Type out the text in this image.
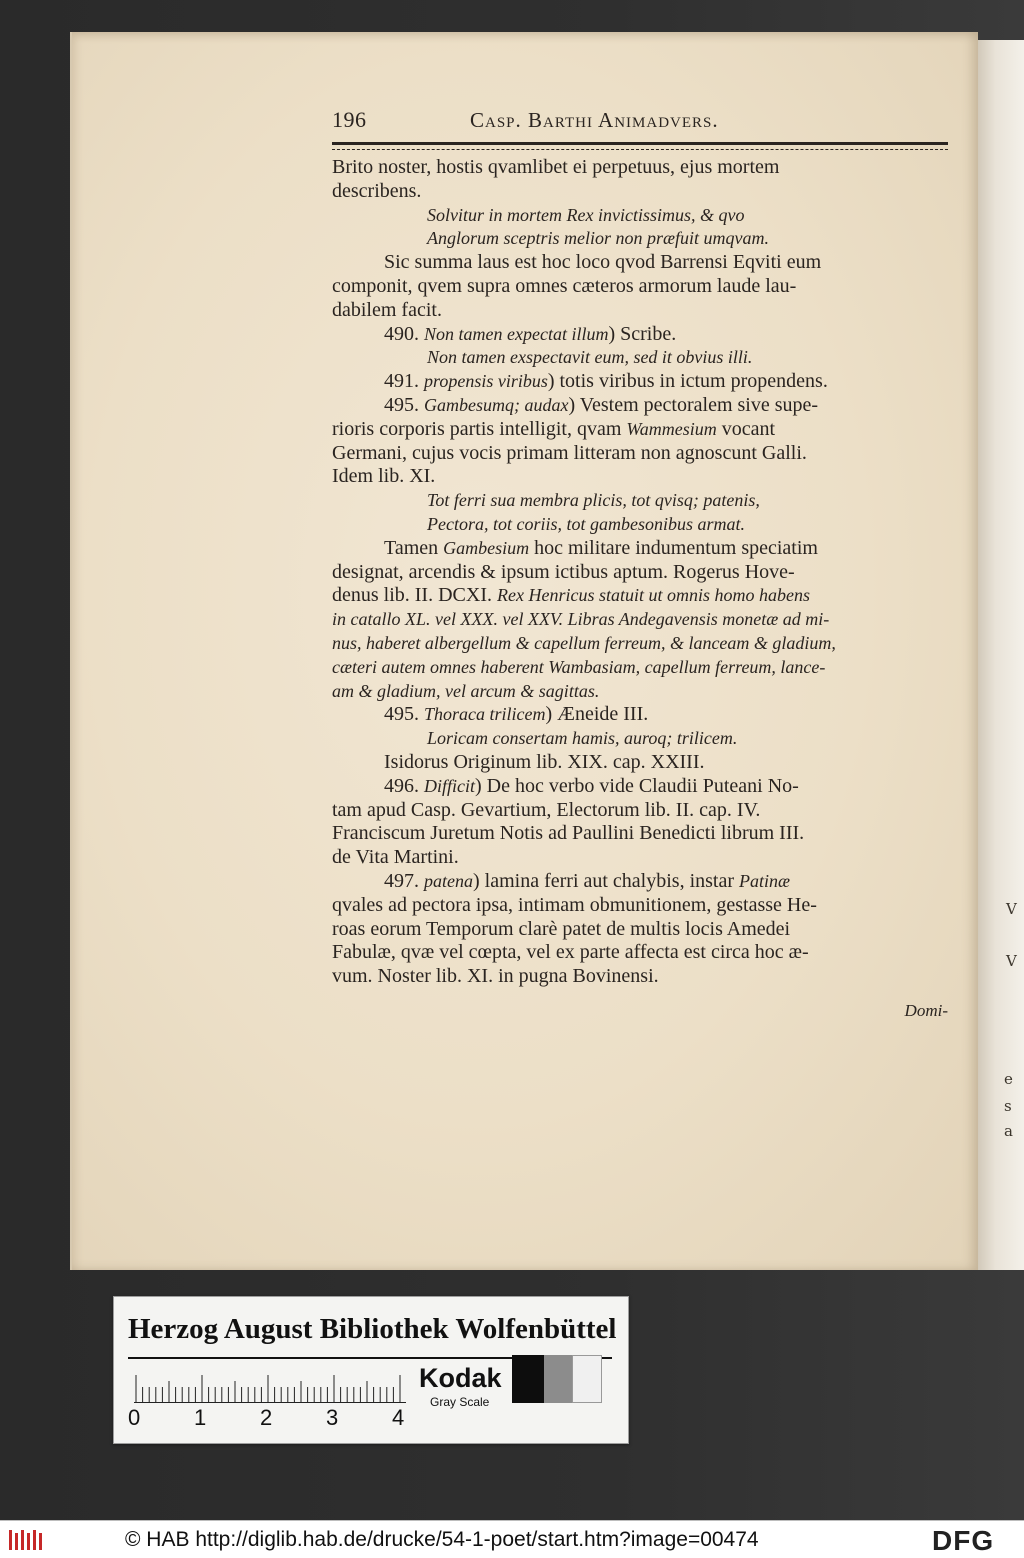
V
V
e
s
a
196	Casp. Barthi Animadvers.
Brito noster, hostis qvamlibet ei perpetuus, ejus mortem
describens.
Solvitur in mortem Rex invictissimus, & qvo
Anglorum sceptris melior non præfuit umqvam.
Sic summa laus est hoc loco qvod Barrensi Eqviti eum
componit, qvem supra omnes cæteros armorum laude lau-
dabilem facit.
490. Non tamen expectat illum) Scribe.
Non tamen exspectavit eum, sed it obvius illi.
491. propensis viribus) totis viribus in ictum propendens.
495. Gambesumq; audax) Vestem pectoralem sive supe-
rioris corporis partis intelligit, qvam Wammesium vocant
Germani, cujus vocis primam litteram non agnoscunt Galli.
Idem lib. XI.
Tot ferri sua membra plicis, tot qvisq; patenis,
Pectora, tot coriis, tot gambesonibus armat.
Tamen Gambesium hoc militare indumentum speciatim
designat, arcendis & ipsum ictibus aptum. Rogerus Hove-
denus lib. II. DCXI. Rex Henricus statuit ut omnis homo habens
in catallo XL. vel XXX. vel XXV. Libras Andegavensis monetæ ad mi-
nus, haberet albergellum & capellum ferreum, & lanceam & gladium,
cæteri autem omnes haberent Wambasiam, capellum ferreum, lance-
am & gladium, vel arcum & sagittas.
495. Thoraca trilicem) Æneide III.
Loricam consertam hamis, auroq; trilicem.
Isidorus Originum lib. XIX. cap. XXIII.
496. Difficit) De hoc verbo vide Claudii Puteani No-
tam apud Casp. Gevartium, Electorum lib. II. cap. IV.
Franciscum Juretum Notis ad Paullini Benedicti librum III.
de Vita Martini.
497. patena) lamina ferri aut chalybis, instar Patinæ
qvales ad pectora ipsa, intimam obmunitionem, gestasse He-
roas eorum Temporum clarè patet de multis locis Amedei
Fabulæ, qvæ vel cœpta, vel ex parte affecta est circa hoc æ-
vum. Noster lib. XI. in pugna Bovinensi.
Domi-
Herzog August Bibliothek Wolfenbüttel
0 1 2 3 4
Kodak
Gray Scale
© HAB http://diglib.hab.de/drucke/54-1-poet/start.htm?image=00474	DFG
